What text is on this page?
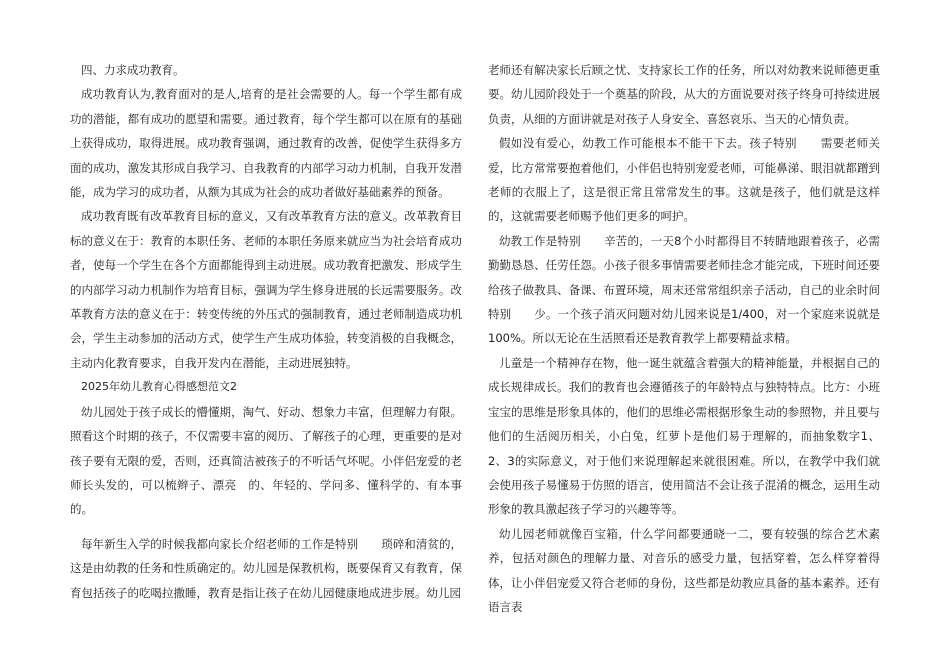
四、力求成功教育。

成功教育认为,教育面对的是人,培育的是社会需要的人。每一个学生都有成功的潜能，都有成功的愿望和需要。通过教育，每个学生都可以在原有的基础上获得成功，取得进展。成功教育强调，通过教育的改善，促使学生获得多方面的成功，激发其形成自我学习、自我教育的内部学习动力机制，自我开发潜能，成为学习的成功者，从额为其成为社会的成功者做好基础素养的预备。

成功教育既有改革教育目标的意义，又有改革教育方法的意义。改革教育目标的意义在于：教育的本职任务、老师的本职任务原来就应当为社会培育成功者，使每一个学生在各个方面都能得到主动进展。成功教育把激发、形成学生的内部学习动力机制作为培育目标，强调为学生修身进展的长远需要服务。改革教育方法的意义在于：转变传统的外压式的强制教育，通过老师制造成功机会，学生主动参加的活动方式，使学生产生成功体验，转变消极的自我概念，主动内化教育要求，自我开发内在潜能，主动进展独特。

2025年幼儿教育心得感想范文2

幼儿园处于孩子成长的懵懂期，淘气、好动、想象力丰富，但理解力有限。照看这个时期的孩子，不仅需要丰富的阅历、了解孩子的心理，更重要的是对孩子要有无限的爱，否则，还真简洁被孩子的不听话气坏呢。小伴侣宠爱的老师长头发的，可以梳辫子、漂亮　的、年轻的、学问多、懂科学的、有本事的。

每年新生入学的时候我都向家长介绍老师的工作是特别　　琐碎和清贫的，这是由幼教的任务和性质确定的。幼儿园是保教机构，既要保育又有教育，保育包括孩子的吃喝拉撒睡，教育是指让孩子在幼儿园健康地成进步展。幼儿园

老师还有解决家长后顾之忧、支持家长工作的任务，所以对幼教来说师德更重要。幼儿园阶段处于一个奠基的阶段，从大的方面说要对孩子终身可持续进展负责，从细的方面讲就是对孩子人身安全、喜怒哀乐、当天的心情负责。

假如没有爱心，幼教工作可能根本不能干下去。孩子特别　　需要老师关爱，比方常常要抱着他们，小伴侣也特别宠爱老师，可能鼻涕、眼泪就都蹭到老师的衣服上了，这是很正常且常常发生的事。这就是孩子，他们就是这样的，这就需要老师赐予他们更多的呵护。

幼教工作是特别　　辛苦的，一天8个小时都得目不转睛地跟着孩子，必需勤勤恳恳、任劳任怨。小孩子很多事情需要老师挂念才能完成，下班时间还要给孩子做教具、备课、布置环境，周末还常常组织亲子活动，自己的业余时间特别　　少。一个孩子消灭问题对幼儿园来说是1/400，对一个家庭来说就是100%。所以无论在生活照看还是教育教学上都要精益求精。

儿童是一个精神存在物，他一诞生就蕴含着强大的精神能量，并根据自己的成长规律成长。我们的教育也会遵循孩子的年龄特点与独特特点。比方：小班宝宝的思维是形象具体的，他们的思维必需根据形象生动的参照物，并且要与他们的生活阅历相关，小白兔，红萝卜是他们易于理解的，而抽象数字1、2、3的实际意义，对于他们来说理解起来就很困难。所以，在教学中我们就会使用孩子易懂易于仿照的语言，使用简洁不会让孩子混淆的概念，运用生动形象的教具激起孩子学习的兴趣等等。

幼儿园老师就像百宝箱，什么学问都要通晓一二，要有较强的综合艺术素养，包括对颜色的理解力量、对音乐的感受力量，包括穿着，怎么样穿着得体，让小伴侣宠爱又符合老师的身份，这些都是幼教应具备的基本素养。还有语言表
